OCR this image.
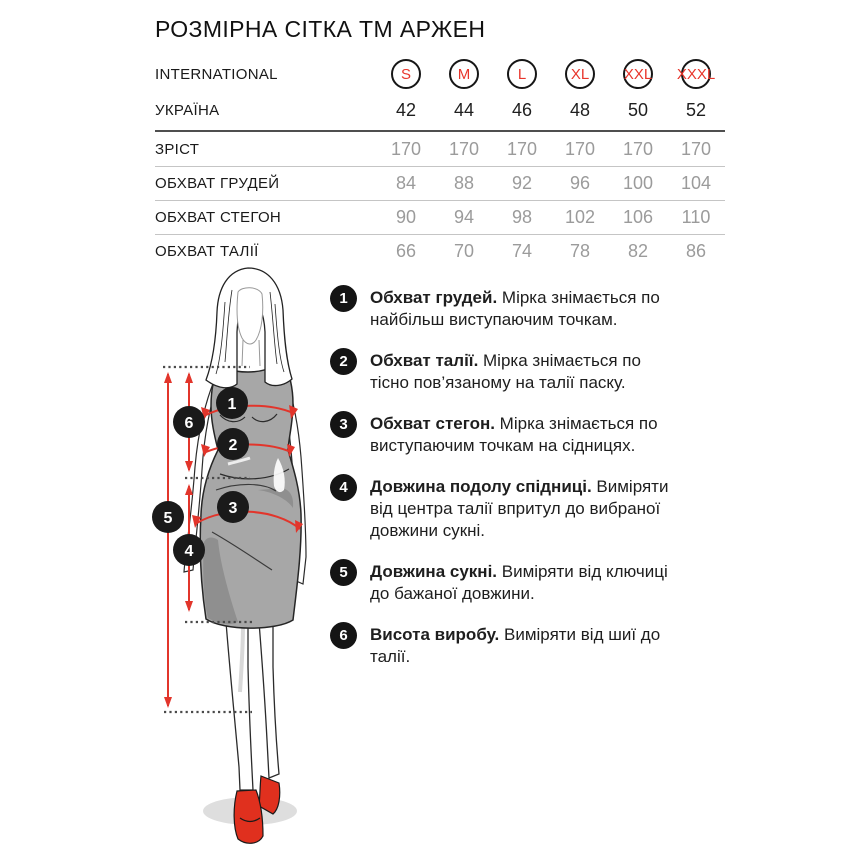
РОЗМІРНА СІТКА ТМ АРЖЕН
INTERNATIONAL	S	M	L	XL	XXL XXXL
УКРАЇНА	42	44	46	48	50	52
ЗРІСТ	170	170	170	170	170	170
ОБХВАТ ГРУДЕЙ	84	88	92	96	100	104
ОБХВАТ СТЕГОН	90	94	98	102	106	110
ОБХВАТ ТАЛІЇ	66	70	74	78	82	86
1
2
3
4
5
6
1	Обхват грудей. Мірка знімається по найбільш виступаючим точкам.
2	Обхват талії. Мірка знімається по тісно пов’язаному на талії паску.
3	Обхват стегон. Мірка знімається по виступаючим точкам на сідницях.
4	Довжина подолу спідниці. Виміряти від центра талії впритул до вибраної довжини сукні.
5	Довжина сукні. Виміряти від ключиці до бажаної довжини.
6	Висота виробу. Виміряти від шиї до талії.
